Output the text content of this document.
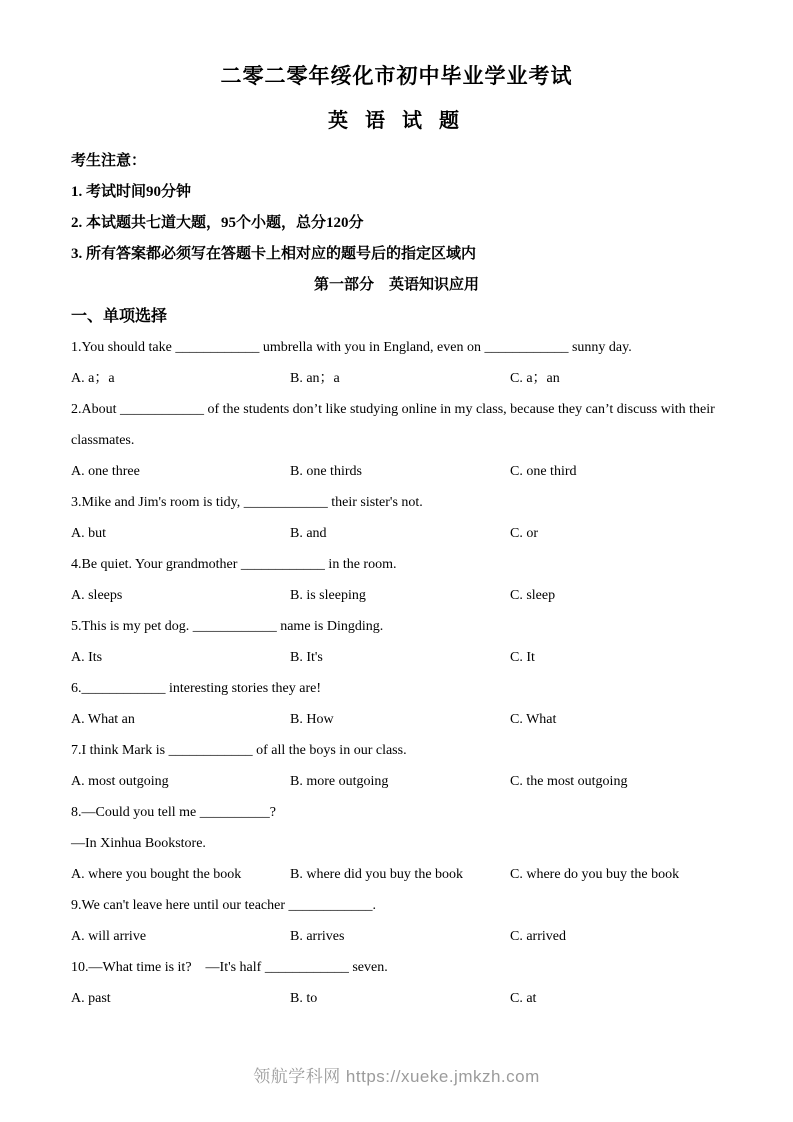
二零二零年绥化市初中毕业学业考试
英 语 试 题
考生注意：
1. 考试时间90分钟
2. 本试题共七道大题，95个小题，总分120分
3. 所有答案都必须写在答题卡上相对应的题号后的指定区域内
第一部分　英语知识应用
一、单项选择
1.You should take ____________ umbrella with you in England, even on ____________ sunny day.

A. a；a

	B. an；a

	C. a；an

2.About ____________ of the students don’t like studying online in my class, because they can’t discuss with their
classmates.

A. one three

	B. one thirds

	C. one third

3.Mike and Jim's room is tidy, ____________ their sister's not.

A. but

	B. and

	C. or

4.Be quiet. Your grandmother ____________ in the room.

A. sleeps

	B. is sleeping

	C. sleep

5.This is my pet dog. ____________ name is Dingding.

A. Its

	B. It's

	C. It

6.____________ interesting stories they are!

A. What an

	B. How

	C. What

7.I think Mark is ____________ of all the boys in our class.

A. most outgoing

	B. more outgoing

	C. the most outgoing

8.—Could you tell me __________?
—In Xinhua Bookstore.

A. where you bought the book

	B. where did you buy the book

	C. where do you buy the book

9.We can't leave here until our teacher ____________.

A. will arrive

	B. arrives

	C. arrived

10.—What time is it?    —It's half ____________ seven.

A. past

	B. to

	C. at

领航学科网 https://xueke.jmkzh.com
